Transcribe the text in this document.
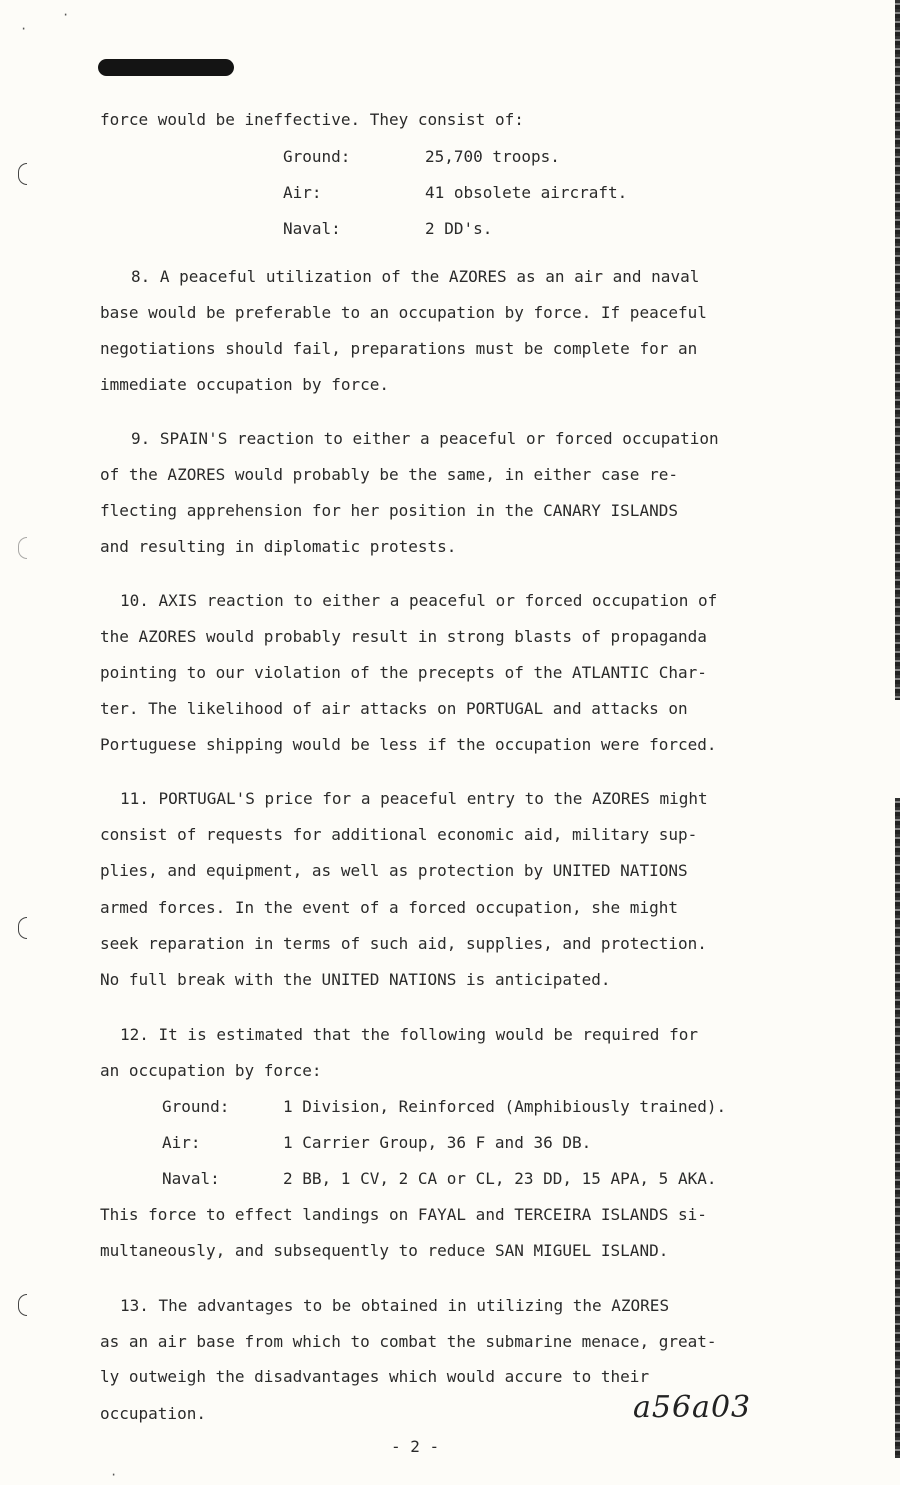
·
·
·
force would be ineffective. They consist of:
Ground:	25,700 troops.
Air:	41 obsolete aircraft.
Naval:	2 DD's.
8. A peaceful utilization of the AZORES as an air and naval
base would be preferable to an occupation by force. If peaceful
negotiations should fail, preparations must be complete for an
immediate occupation by force.
9. SPAIN'S reaction to either a peaceful or forced occupation
of the AZORES would probably be the same, in either case re-
flecting apprehension for her position in the CANARY ISLANDS
and resulting in diplomatic protests.
10. AXIS reaction to either a peaceful or forced occupation of
the AZORES would probably result in strong blasts of propaganda
pointing to our violation of the precepts of the ATLANTIC Char-
ter. The likelihood of air attacks on PORTUGAL and attacks on
Portuguese shipping would be less if the occupation were forced.
11. PORTUGAL'S price for a peaceful entry to the AZORES might
consist of requests for additional economic aid, military sup-
plies, and equipment, as well as protection by UNITED NATIONS
armed forces. In the event of a forced occupation, she might
seek reparation in terms of such aid, supplies, and protection.
No full break with the UNITED NATIONS is anticipated.
12. It is estimated that the following would be required for
an occupation by force:
Ground:	1 Division, Reinforced (Amphibiously trained).
Air:	1 Carrier Group, 36 F and 36 DB.
Naval:	2 BB, 1 CV, 2 CA or CL, 23 DD, 15 APA, 5 AKA.
This force to effect landings on FAYAL and TERCEIRA ISLANDS si-
multaneously, and subsequently to reduce SAN MIGUEL ISLAND.
13. The advantages to be obtained in utilizing the AZORES
as an air base from which to combat the submarine menace, great-
ly outweigh the disadvantages which would accure to their
occupation.	a56a03
- 2 -
